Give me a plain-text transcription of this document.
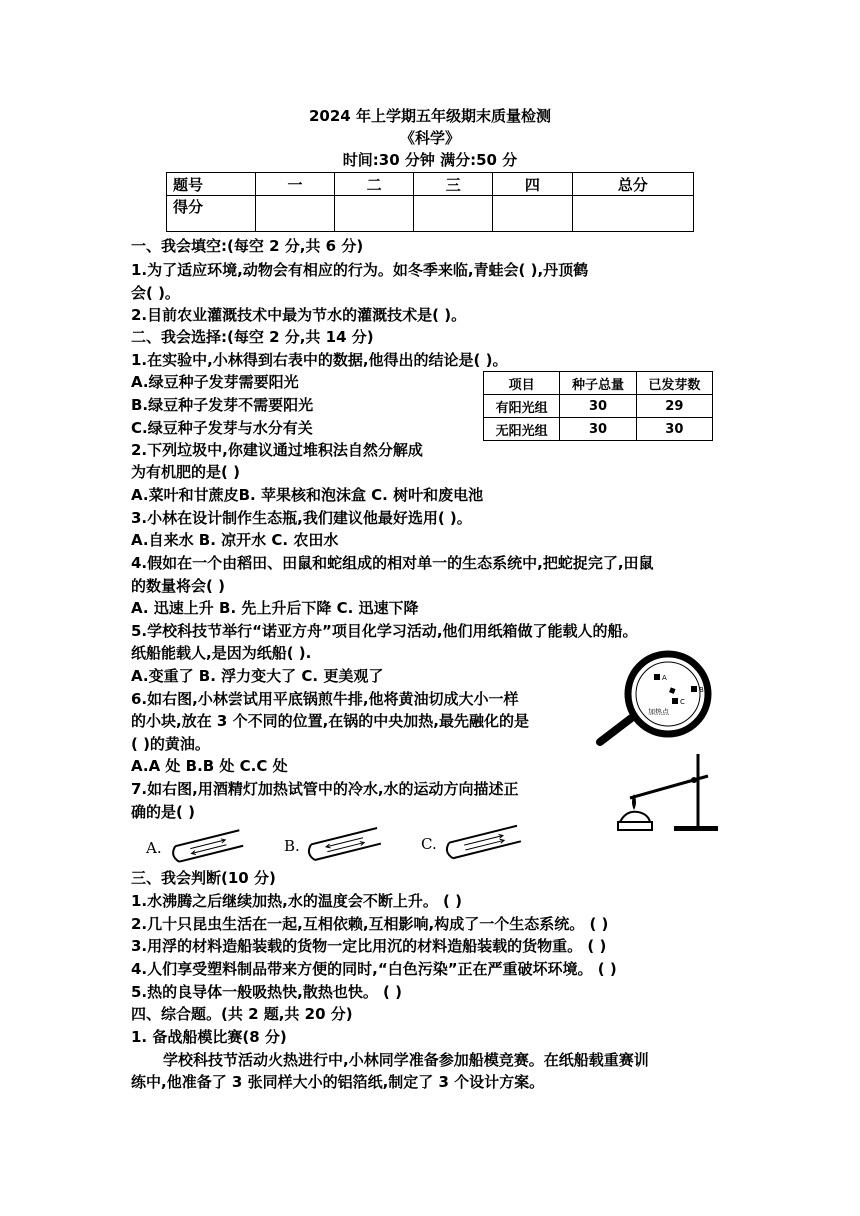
2024 年上学期五年级期末质量检测
《科学》
时间:30 分钟 满分:50 分
题号	一	二	三	四	总分
得分					
一、我会填空:(每空 2 分,共 6 分)
1.为了适应环境,动物会有相应的行为。如冬季来临,青蛙会( ),丹顶鹤
会( )。
2.目前农业灌溉技术中最为节水的灌溉技术是( )。
二、我会选择:(每空 2 分,共 14 分)
1.在实验中,小林得到右表中的数据,他得出的结论是( )。
A.绿豆种子发芽需要阳光
B.绿豆种子发芽不需要阳光
C.绿豆种子发芽与水分有关
项目	种子总量	已发芽数
有阳光组	30	29
无阳光组	30	30
2.下列垃圾中,你建议通过堆积法自然分解成
为有机肥的是( )
A.菜叶和甘蔗皮B. 苹果核和泡沫盒 C. 树叶和废电池
3.小林在设计制作生态瓶,我们建议他最好选用( )。
A.自来水 B. 凉开水 C. 农田水
4.假如在一个由稻田、田鼠和蛇组成的相对单一的生态系统中,把蛇捉完了,田鼠
的数量将会( )
A. 迅速上升 B. 先上升后下降 C. 迅速下降
5.学校科技节举行“诺亚方舟”项目化学习活动,他们用纸箱做了能载人的船。
纸船能载人,是因为纸船( ).
A.变重了 B. 浮力变大了 C. 更美观了
6.如右图,小林尝试用平底锅煎牛排,他将黄油切成大小一样
的小块,放在 3 个不同的位置,在锅的中央加热,最先融化的是
( )的黄油。
A.A 处 B.B 处 C.C 处
7.如右图,用酒精灯加热试管中的冷水,水的运动方向描述正
确的是( )
A
B
C
加热点
A.	B.	C.
三、我会判断(10 分)
1.水沸腾之后继续加热,水的温度会不断上升。 ( )
2.几十只昆虫生活在一起,互相依赖,互相影响,构成了一个生态系统。 ( )
3.用浮的材料造船装载的货物一定比用沉的材料造船装载的货物重。 ( )
4.人们享受塑料制品带来方便的同时,“白色污染”正在严重破坏环境。 ( )
5.热的良导体一般吸热快,散热也快。 ( )
四、综合题。(共 2 题,共 20 分)
1. 备战船模比赛(8 分)
学校科技节活动火热进行中,小林同学准备参加船模竞赛。在纸船载重赛训
练中,他准备了 3 张同样大小的铝箔纸,制定了 3 个设计方案。
